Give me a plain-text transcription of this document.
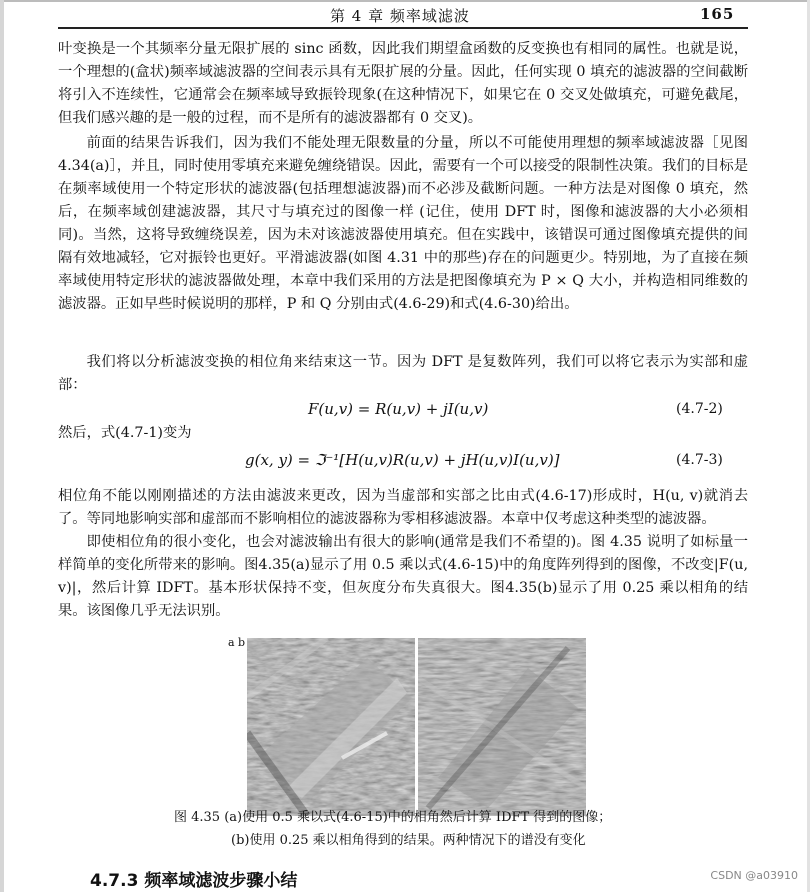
第 4 章 频率域滤波	165
叶变换是一个其频率分量无限扩展的 sinc 函数，因此我们期望盒函数的反变换也有相同的属性。也就是说，一个理想的(盒状)频率域滤波器的空间表示具有无限扩展的分量。因此，任何实现 0 填充的滤波器的空间截断将引入不连续性，它通常会在频率域导致振铃现象(在这种情况下，如果它在 0 交叉处做填充，可避免截尾，但我们感兴趣的是一般的过程，而不是所有的滤波器都有 0 交叉)。
前面的结果告诉我们，因为我们不能处理无限数量的分量，所以不可能使用理想的频率域滤波器［见图4.34(a)］，并且，同时使用零填充来避免缠绕错误。因此，需要有一个可以接受的限制性决策。我们的目标是在频率域使用一个特定形状的滤波器(包括理想滤波器)而不必涉及截断问题。一种方法是对图像 0 填充，然后，在频率域创建滤波器，其尺寸与填充过的图像一样 (记住，使用 DFT 时，图像和滤波器的大小必须相同)。当然，这将导致缠绕误差，因为未对该滤波器使用填充。但在实践中，该错误可通过图像填充提供的间隔有效地减轻，它对振铃也更好。平滑滤波器(如图 4.31 中的那些)存在的问题更少。特别地，为了直接在频率域使用特定形状的滤波器做处理，本章中我们采用的方法是把图像填充为 P × Q 大小，并构造相同维数的滤波器。正如早些时候说明的那样，P 和 Q 分别由式(4.6-29)和式(4.6-30)给出。
我们将以分析滤波变换的相位角来结束这一节。因为 DFT 是复数阵列，我们可以将它表示为实部和虚部：
F(u,v) = R(u,v) + jI(u,v)	(4.7-2)
然后，式(4.7-1)变为
g(x, y) = ℑ⁻¹[H(u,v)R(u,v) + jH(u,v)I(u,v)]	(4.7-3)
相位角不能以刚刚描述的方法由滤波来更改，因为当虚部和实部之比由式(4.6-17)形成时，H(u, v)就消去了。等同地影响实部和虚部而不影响相位的滤波器称为零相移滤波器。本章中仅考虑这种类型的滤波器。
即使相位角的很小变化，也会对滤波输出有很大的影响(通常是我们不希望的)。图 4.35 说明了如标量一样简单的变化所带来的影响。图4.35(a)显示了用 0.5 乘以式(4.6-15)中的角度阵列得到的图像，不改变|F(u, v)|，然后计算 IDFT。基本形状保持不变，但灰度分布失真很大。图4.35(b)显示了用 0.25 乘以相角的结果。该图像几乎无法识别。
a b
图 4.35 (a)使用 0.5 乘以式(4.6-15)中的相角然后计算 IDFT 得到的图像；
(b)使用 0.25 乘以相角得到的结果。两种情况下的谱没有变化
4.7.3 频率域滤波步骤小结	CSDN @a03910
